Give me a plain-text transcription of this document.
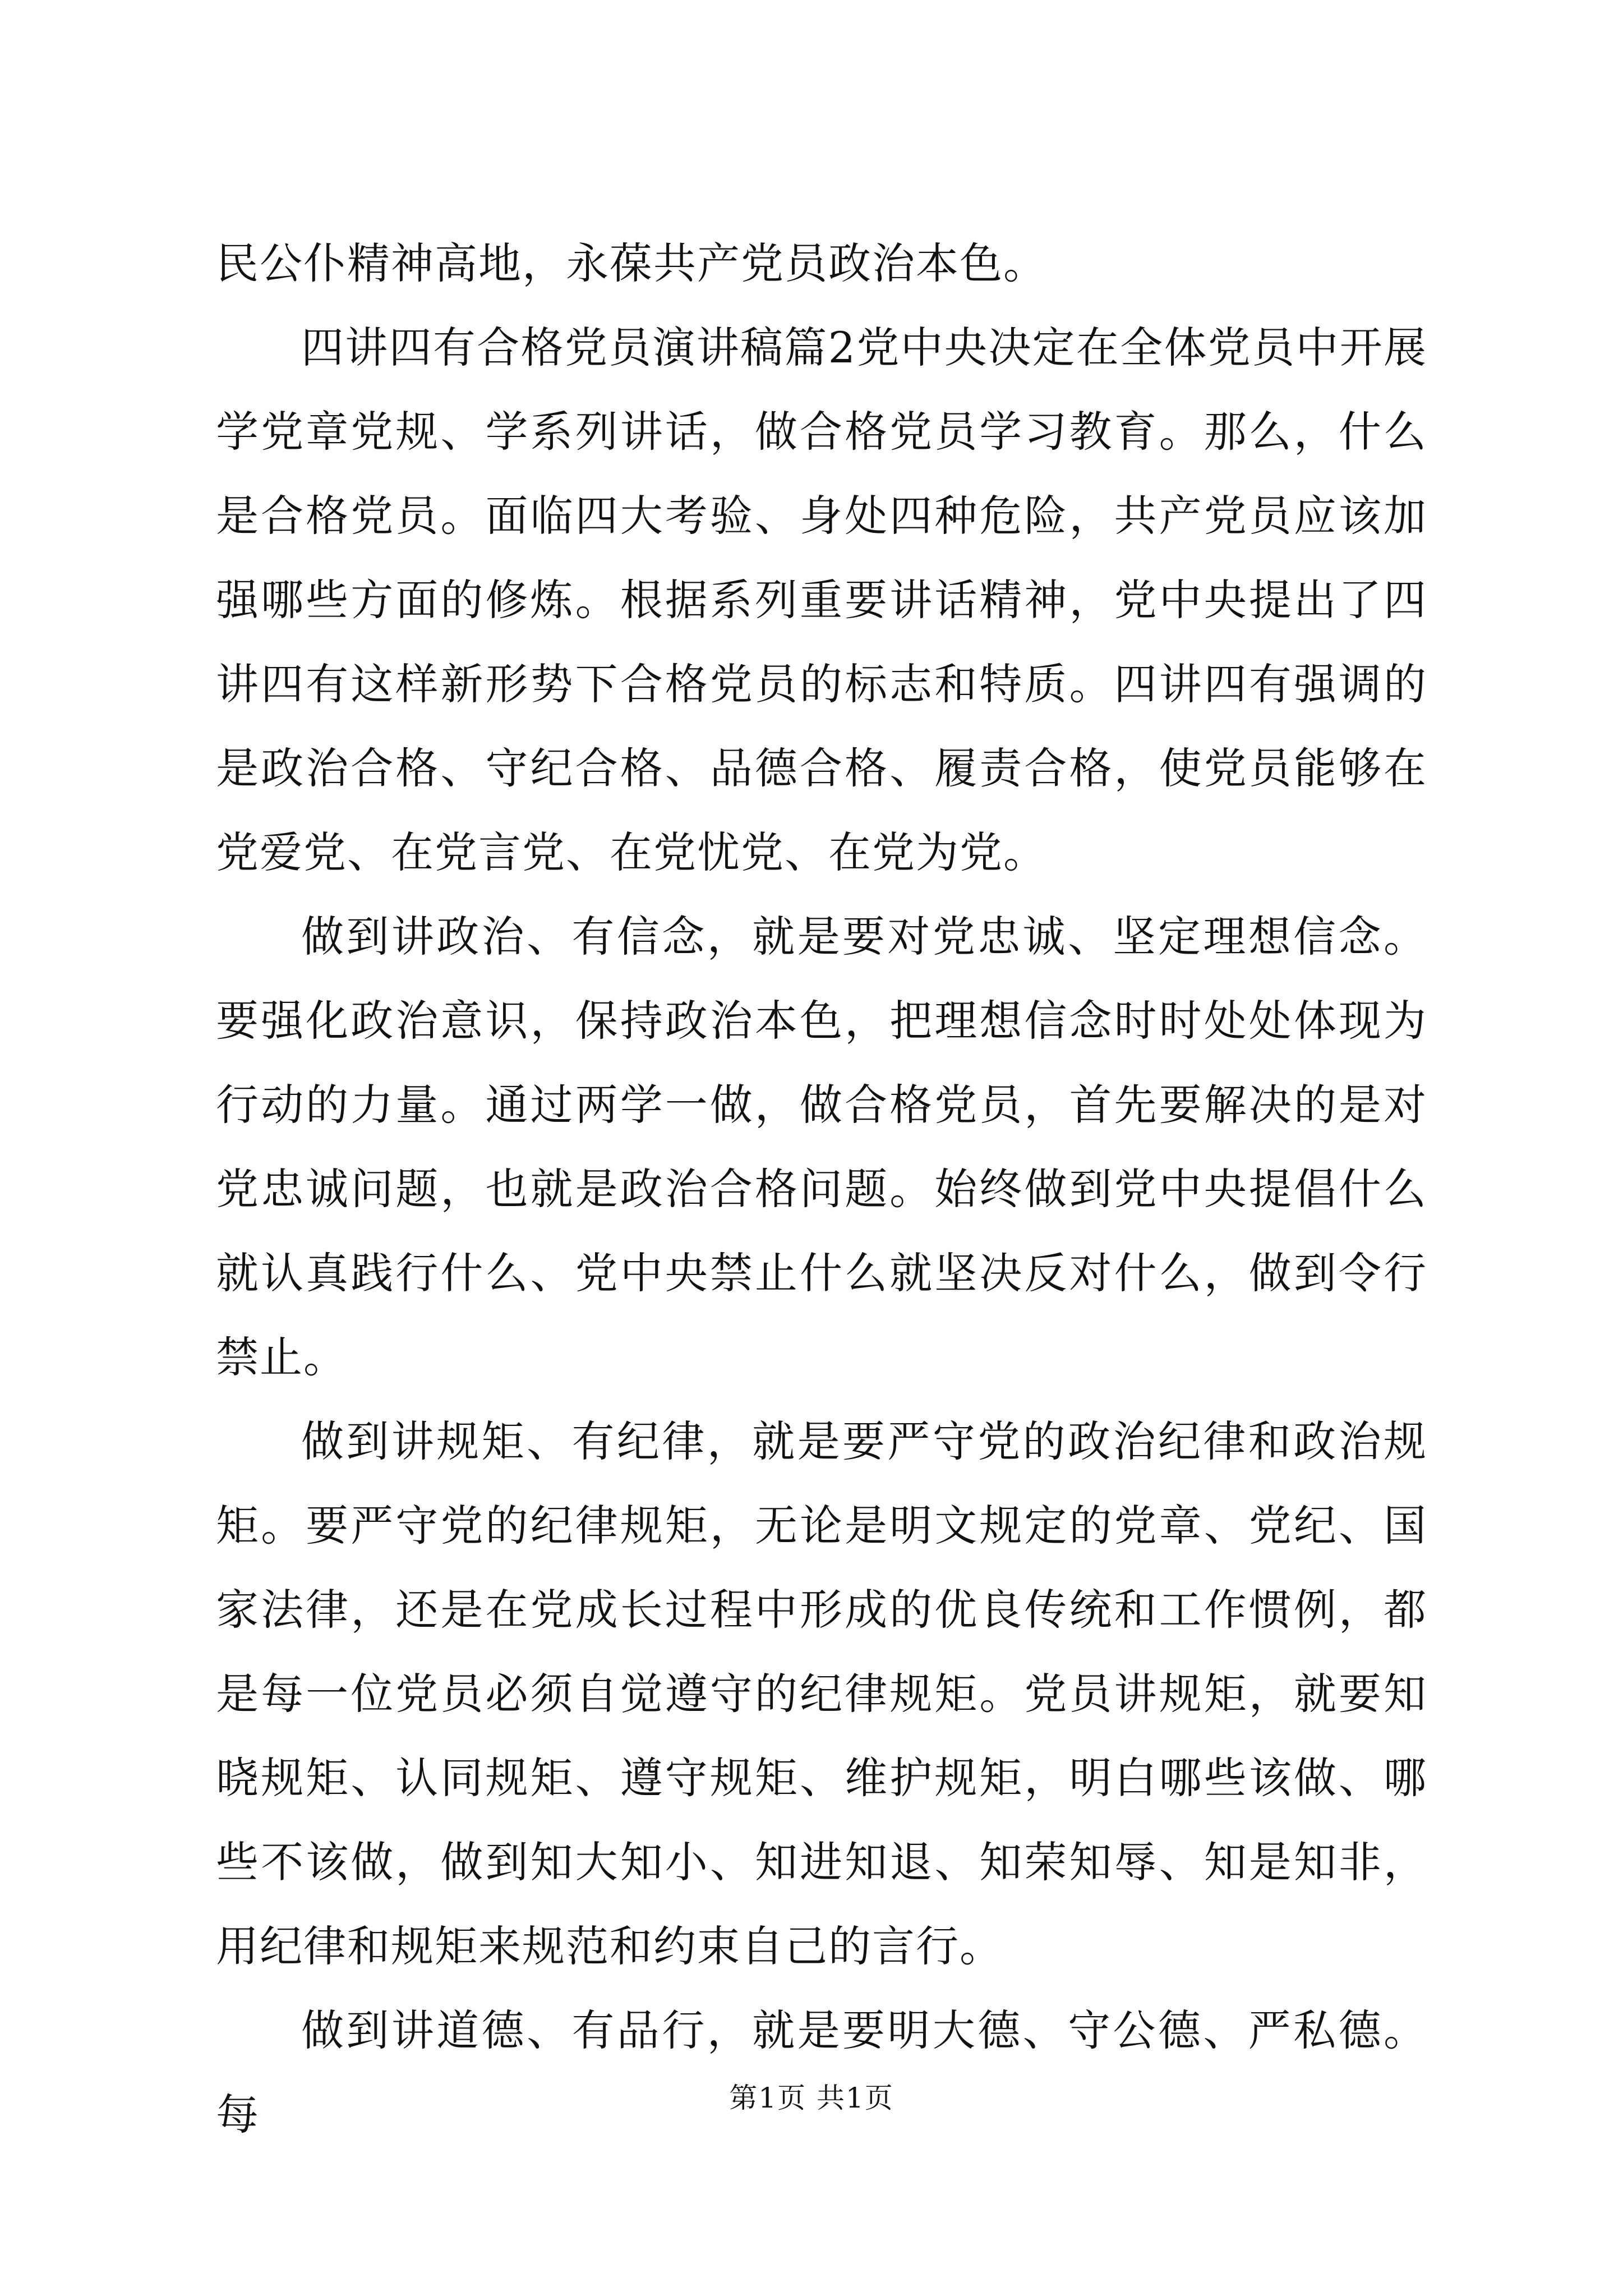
民公仆精神高地，永葆共产党员政治本色。

四讲四有合格党员演讲稿篇2党中央决定在全体党员中开展学党章党规、学系列讲话，做合格党员学习教育。那么，什么是合格党员。面临四大考验、身处四种危险，共产党员应该加强哪些方面的修炼。根据系列重要讲话精神，党中央提出了四讲四有这样新形势下合格党员的标志和特质。四讲四有强调的是政治合格、守纪合格、品德合格、履责合格，使党员能够在党爱党、在党言党、在党忧党、在党为党。

做到讲政治、有信念，就是要对党忠诚、坚定理想信念。要强化政治意识，保持政治本色，把理想信念时时处处体现为行动的力量。通过两学一做，做合格党员，首先要解决的是对党忠诚问题，也就是政治合格问题。始终做到党中央提倡什么就认真践行什么、党中央禁止什么就坚决反对什么，做到令行禁止。

做到讲规矩、有纪律，就是要严守党的政治纪律和政治规矩。要严守党的纪律规矩，无论是明文规定的党章、党纪、国家法律，还是在党成长过程中形成的优良传统和工作惯例，都是每一位党员必须自觉遵守的纪律规矩。党员讲规矩，就要知晓规矩、认同规矩、遵守规矩、维护规矩，明白哪些该做、哪些不该做，做到知大知小、知进知退、知荣知辱、知是知非，用纪律和规矩来规范和约束自己的言行。

做到讲道德、有品行，就是要明大德、守公德、严私德。每	第1页 共1页
